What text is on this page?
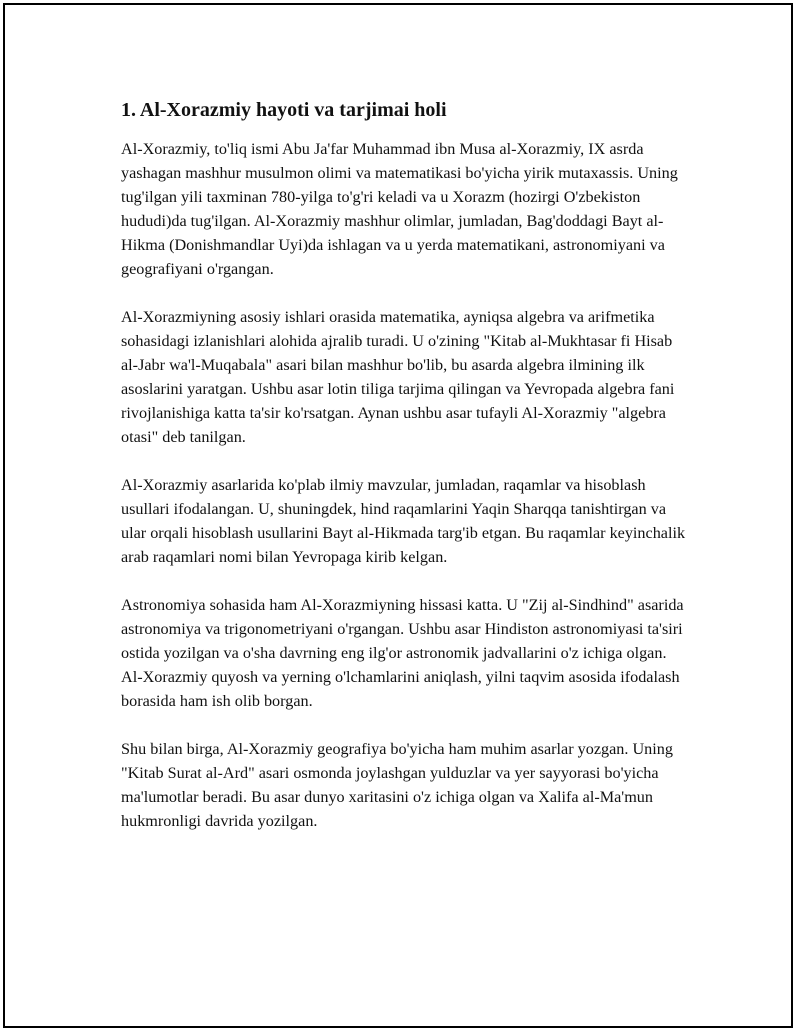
1. Al-Xorazmiy hayoti va tarjimai holi

Al-Xorazmiy, to'liq ismi Abu Ja'far Muhammad ibn Musa al-Xorazmiy, IX asrda yashagan mashhur musulmon olimi va matematikasi bo'yicha yirik mutaxassis. Uning tug'ilgan yili taxminan 780-yilga to'g'ri keladi va u Xorazm (hozirgi O'zbekiston hududi)da tug'ilgan. Al-Xorazmiy mashhur olimlar, jumladan, Bag'doddagi Bayt al-Hikma (Donishmandlar Uyi)da ishlagan va u yerda matematikani, astronomiyani va geografiyani o'rgangan.

Al-Xorazmiyning asosiy ishlari orasida matematika, ayniqsa algebra va arifmetika sohasidagi izlanishlari alohida ajralib turadi. U o'zining "Kitab al-Mukhtasar fi Hisab al-Jabr wa'l-Muqabala" asari bilan mashhur bo'lib, bu asarda algebra ilmining ilk asoslarini yaratgan. Ushbu asar lotin tiliga tarjima qilingan va Yevropada algebra fani rivojlanishiga katta ta'sir ko'rsatgan. Aynan ushbu asar tufayli Al-Xorazmiy "algebra otasi" deb tanilgan.

Al-Xorazmiy asarlarida ko'plab ilmiy mavzular, jumladan, raqamlar va hisoblash usullari ifodalangan. U, shuningdek, hind raqamlarini Yaqin Sharqqa tanishtirgan va ular orqali hisoblash usullarini Bayt al-Hikmada targ'ib etgan. Bu raqamlar keyinchalik arab raqamlari nomi bilan Yevropaga kirib kelgan.

Astronomiya sohasida ham Al-Xorazmiyning hissasi katta. U "Zij al-Sindhind" asarida astronomiya va trigonometriyani o'rgangan. Ushbu asar Hindiston astronomiyasi ta'siri ostida yozilgan va o'sha davrning eng ilg'or astronomik jadvallarini o'z ichiga olgan. Al-Xorazmiy quyosh va yerning o'lchamlarini aniqlash, yilni taqvim asosida ifodalash borasida ham ish olib borgan.

Shu bilan birga, Al-Xorazmiy geografiya bo'yicha ham muhim asarlar yozgan. Uning "Kitab Surat al-Ard" asari osmonda joylashgan yulduzlar va yer sayyorasi bo'yicha ma'lumotlar beradi. Bu asar dunyo xaritasini o'z ichiga olgan va Xalifa al-Ma'mun hukmronligi davrida yozilgan.
